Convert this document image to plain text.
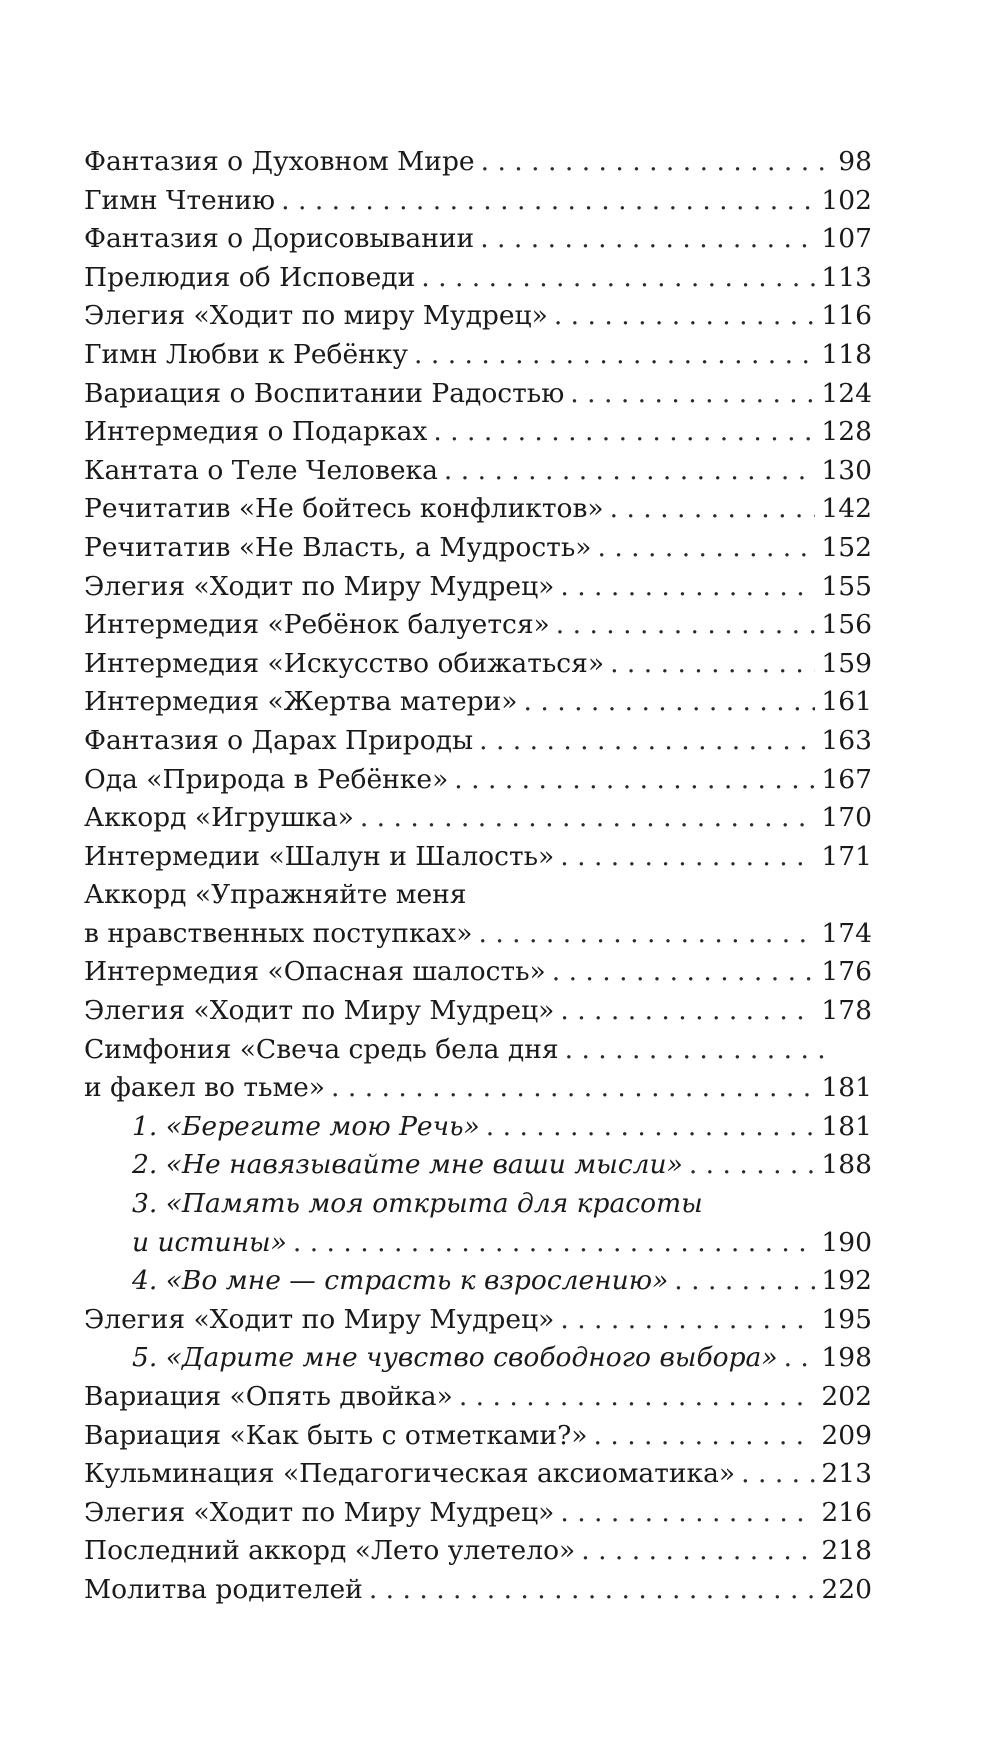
Фантазия о Духовном Мире . . .	98
Гимн Чтению . . .	102
Фантазия о Дорисовывании . . .	107
Прелюдия об Исповеди . . .	113
Элегия «Ходит по миру Мудрец» . . .	116
Гимн Любви к Ребёнку . . .	118
Вариация о Воспитании Радостью . . .	124
Интермедия о Подарках . . .	128
Кантата о Теле Человека . . .	130
Речитатив «Не бойтесь конфликтов» . . .	142
Речитатив «Не Власть, а Мудрость» . . .	152
Элегия «Ходит по Миру Мудрец» . . .	155
Интермедия «Ребёнок балуется» . . .	156
Интермедия «Искусство обижаться» . . .	159
Интермедия «Жертва матери» . . .	161
Фантазия о Дарах Природы . . .	163
Ода «Природа в Ребёнке» . . .	167
Аккорд «Игрушка» . . .	170
Интермедии «Шалун и Шалость» . . .	171
Аккорд «Упражняйте меня
в нравственных поступках» . . .	174
Интермедия «Опасная шалость» . . .	176
Элегия «Ходит по Миру Мудрец» . . .	178
Симфония «Свеча средь бела дня
. . .
и факел во тьме» . . .	181
1. «Берегите мою Речь» . . .	181
2. «Не навязывайте мне ваши мысли» . . .	188
3. «Память моя открыта для красоты
и истины» . . .	190
4. «Во мне — страсть к взрослению» . . .	192
Элегия «Ходит по Миру Мудрец» . . .	195
5. «Дарите мне чувство свободного выбора» . . . 198
Вариация «Опять двойка» . . .	202
Вариация «Как быть с отметками?» . . .	209
Кульминация «Педагогическая аксиоматика» . . .	213
Элегия «Ходит по Миру Мудрец» . . .	216
Последний аккорд «Лето улетело» . . .	218
Молитва родителей . . .	220
